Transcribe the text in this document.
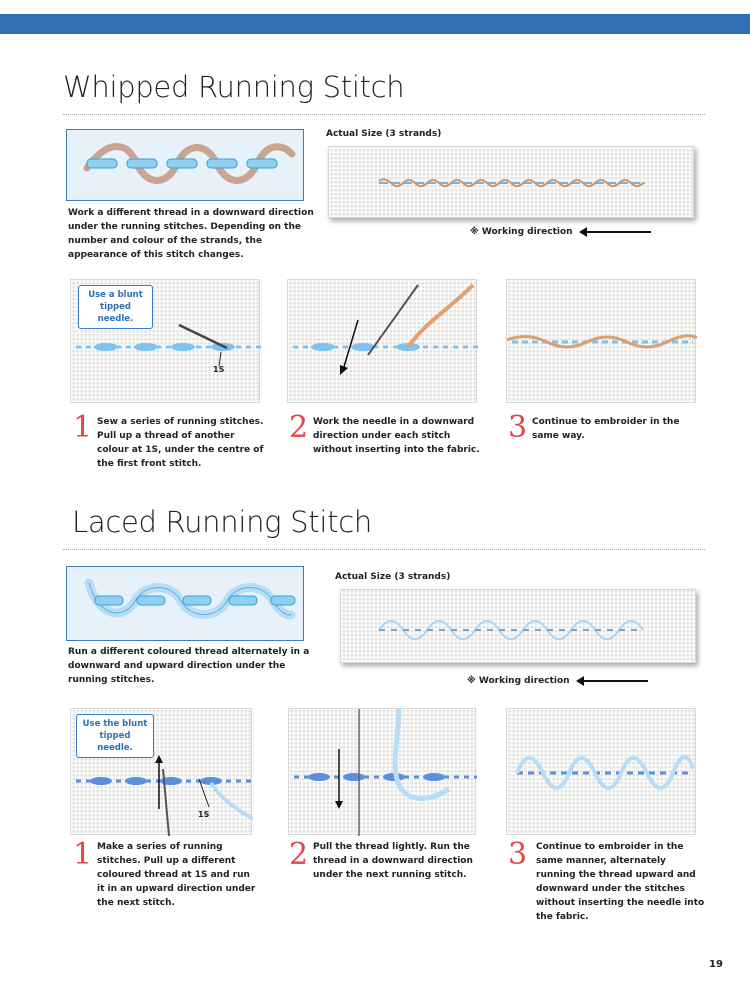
Whipped Running Stitch
Work a different thread in a downward direction under the running stitches. Depending on the number and colour of the strands, the appearance of this stitch changes.
Actual Size (3 strands)
※ Working direction
Use a blunt tipped needle.
1S
1 Sew a series of running stitches. Pull up a thread of another colour at 1S, under the centre of the first front stitch.
2 Work the needle in a downward direction under each stitch without inserting into the fabric.
3 Continue to embroider in the same way.
Laced Running Stitch
Run a different coloured thread alternately in a downward and upward direction under the running stitches.
Actual Size (3 strands)
※ Working direction
Use the blunt tipped needle.
1S
1 Make a series of running stitches. Pull up a different coloured thread at 1S and run it in an upward direction under the next stitch.
2 Pull the thread lightly. Run the thread in a downward direction under the next running stitch.
3 Continue to embroider in the same manner, alternately running the thread upward and downward under the stitches without inserting the needle into the fabric.
19
